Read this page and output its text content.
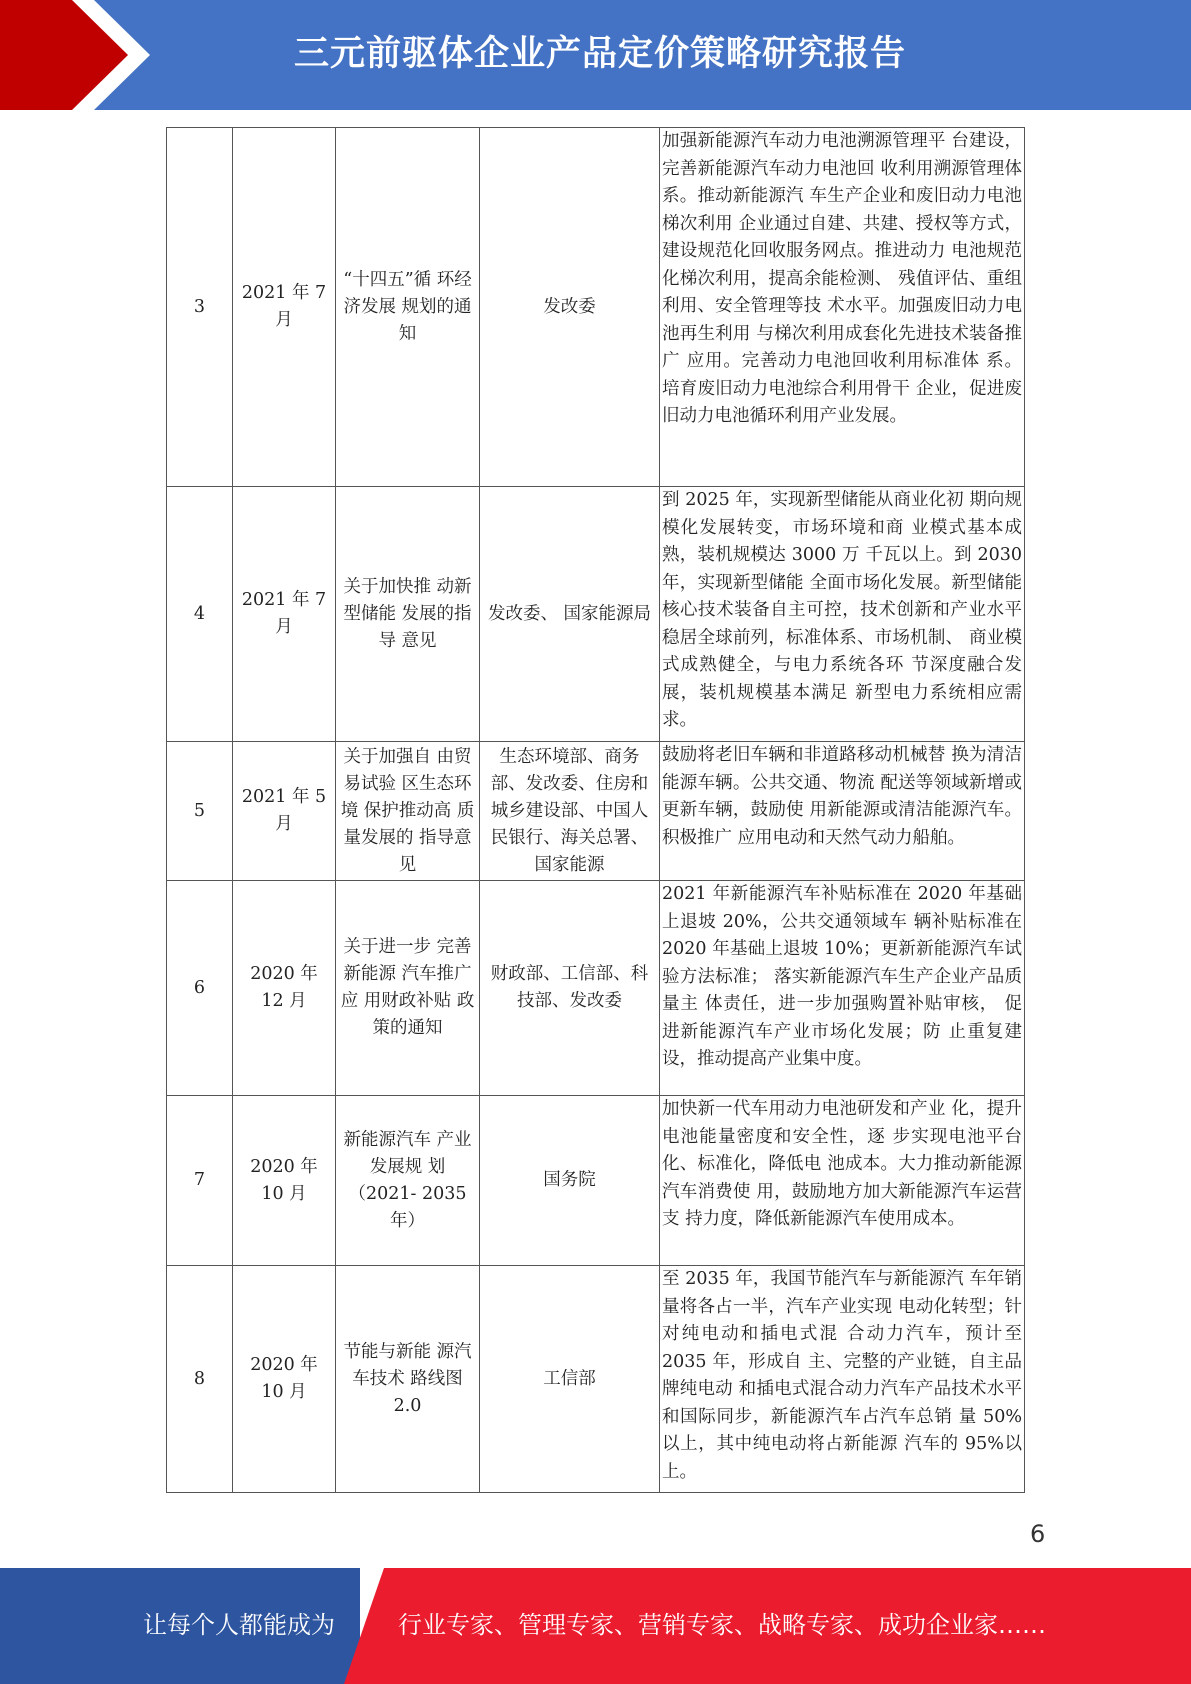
三元前驱体企业产品定价策略研究报告
3	2021 年 7 月	“十四五”循 环经济发展 规划的通知	发改委	加强新能源汽车动力电池溯源管理平 台建设，完善新能源汽车动力电池回 收利用溯源管理体系。推动新能源汽 车生产企业和废旧动力电池梯次利用 企业通过自建、共建、授权等方式， 建设规范化回收服务网点。推进动力 电池规范化梯次利用，提高余能检测、 残值评估、重组利用、安全管理等技 术水平。加强废旧动力电池再生利用 与梯次利用成套化先进技术装备推广 应用。完善动力电池回收利用标准体 系。培育废旧动力电池综合利用骨干 企业，促进废旧动力电池循环利用产业发展。
4	2021 年 7 月	关于加快推 动新型储能 发展的指导 意见	发改委、 国家能源局	到 2025 年，实现新型储能从商业化初 期向规模化发展转变，市场环境和商 业模式基本成熟，装机规模达 3000 万 千瓦以上。到 2030 年，实现新型储能 全面市场化发展。新型储能核心技术装备自主可控，技术创新和产业水平 稳居全球前列，标准体系、市场机制、 商业模式成熟健全，与电力系统各环 节深度融合发展，装机规模基本满足 新型电力系统相应需求。
5	2021 年 5 月	关于加强自 由贸易试验 区生态环境 保护推动高 质量发展的 指导意见	生态环境部、商务部、发改委、住房和城乡建设部、中国人民银行、海关总署、国家能源	鼓励将老旧车辆和非道路移动机械替 换为清洁能源车辆。公共交通、物流 配送等领域新增或更新车辆，鼓励使 用新能源或清洁能源汽车。积极推广 应用电动和天然气动力船舶。
6	2020 年 12 月	关于进一步 完善新能源 汽车推广应 用财政补贴 政策的通知	财政部、工信部、科技部、发改委	2021 年新能源汽车补贴标准在 2020 年基础上退坡 20%，公共交通领域车 辆补贴标准在 2020 年基础上退坡 10%；更新新能源汽车试验方法标准； 落实新能源汽车生产企业产品质量主 体责任，进一步加强购置补贴审核， 促进新能源汽车产业市场化发展；防 止重复建设，推动提高产业集中度。
7	2020 年 10 月	新能源汽车 产业发展规 划（2021- 2035 年）	国务院	加快新一代车用动力电池研发和产业 化，提升电池能量密度和安全性，逐 步实现电池平台化、标准化，降低电 池成本。大力推动新能源汽车消费使 用，鼓励地方加大新能源汽车运营支 持力度，降低新能源汽车使用成本。
8	2020 年 10 月	节能与新能 源汽车技术 路线图 2.0	工信部	至 2035 年，我国节能汽车与新能源汽 车年销量将各占一半，汽车产业实现 电动化转型；针对纯电动和插电式混 合动力汽车，预计至 2035 年，形成自 主、完整的产业链，自主品牌纯电动 和插电式混合动力汽车产品技术水平 和国际同步，新能源汽车占汽车总销 量 50%以上，其中纯电动将占新能源 汽车的 95%以上。
6
让每个人都能成为	行业专家、管理专家、营销专家、战略专家、成功企业家……
